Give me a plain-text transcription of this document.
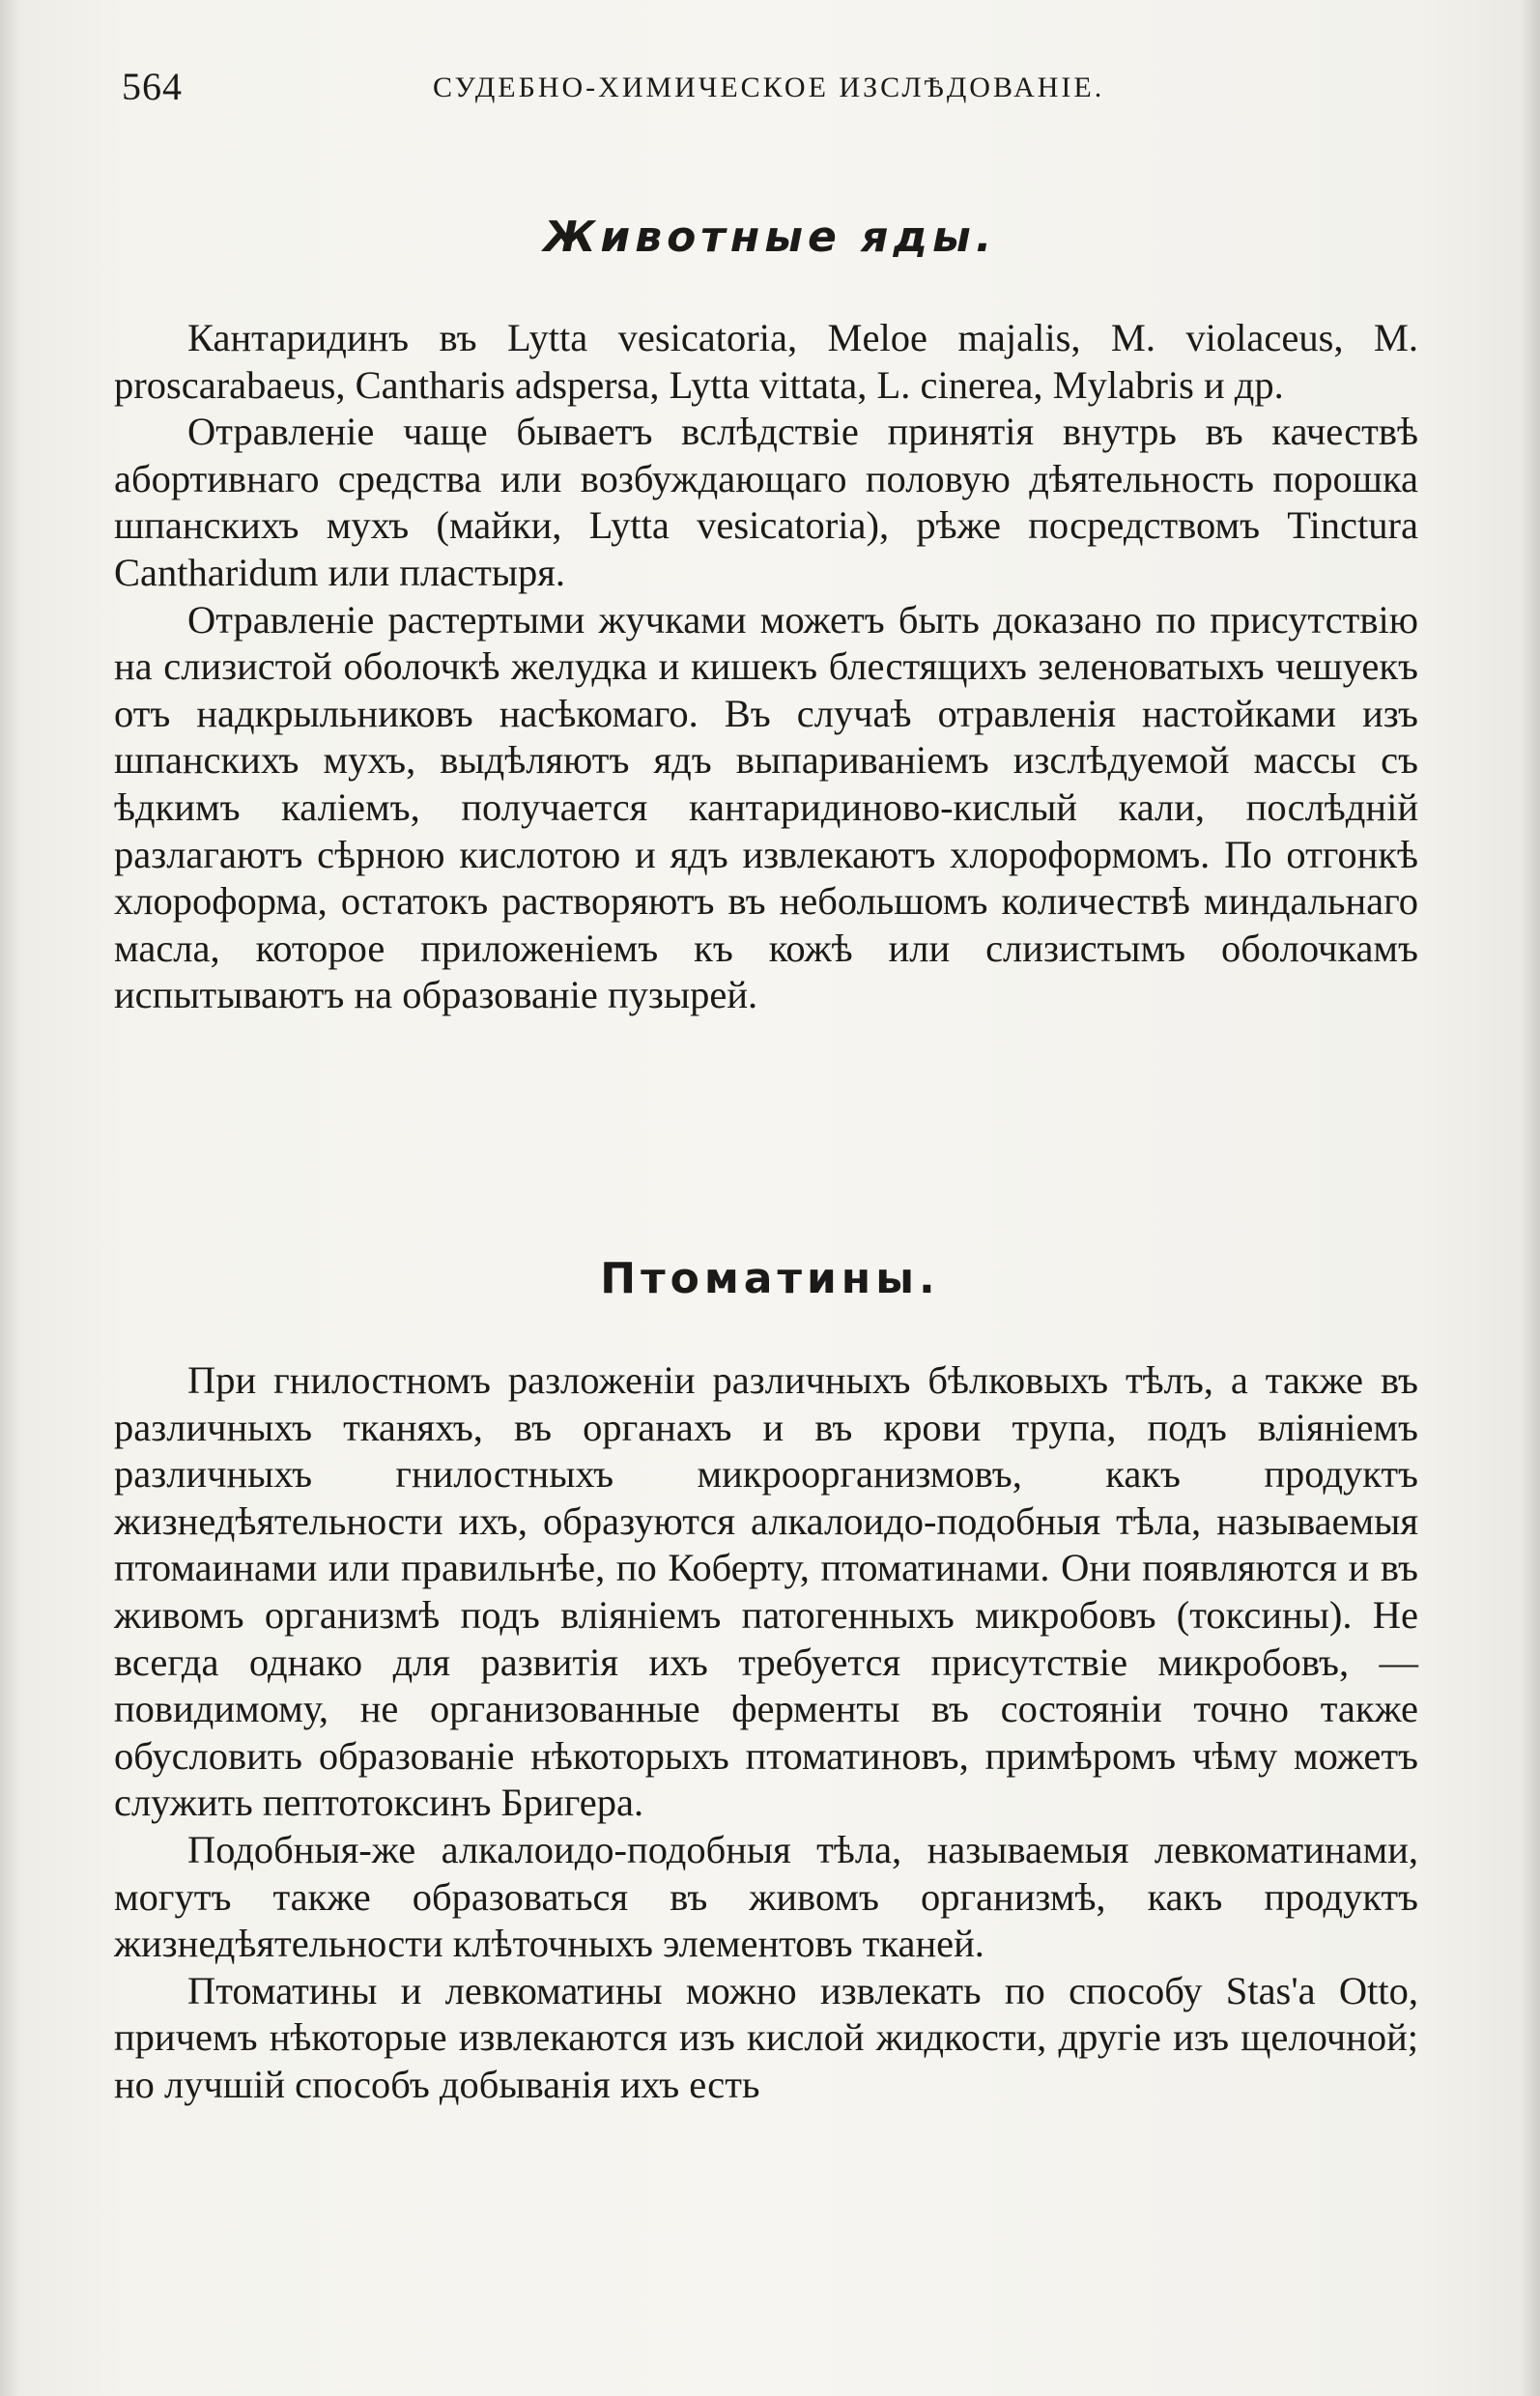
564	СУДЕБНО-ХИМИЧЕСКОЕ ИЗСЛѢДОВАНІЕ.
Животные яды.

Кантаридинъ въ Lytta vesicatoria, Meloe majalis, M. violaceus, M. proscarabaeus, Cantharis adspersa, Lytta vittata, L. cinerea, Mylabris и др.

Отравленіе чаще бываетъ вслѣдствіе принятія внутрь въ качествѣ абортивнаго средства или возбуждающаго половую дѣятельность порошка шпанскихъ мухъ (майки, Lytta vesicatoria), рѣже посредствомъ Tinctura Cantharidum или пластыря.

Отравленіе растертыми жучками можетъ быть доказано по присутствію на слизистой оболочкѣ желудка и кишекъ блестящихъ зеленоватыхъ чешуекъ отъ надкрыльниковъ насѣкомаго. Въ случаѣ отравленія настойками изъ шпанскихъ мухъ, выдѣляютъ ядъ выпариваніемъ изслѣдуемой массы съ ѣдкимъ каліемъ, получается кантаридиново-кислый кали, послѣдній разлагаютъ сѣрною кислотою и ядъ извлекаютъ хлороформомъ. По отгонкѣ хлороформа, остатокъ растворяютъ въ небольшомъ количествѣ миндальнаго масла, которое приложеніемъ къ кожѣ или слизистымъ оболочкамъ испытываютъ на образованіе пузырей.

Птоматины.

При гнилостномъ разложеніи различныхъ бѣлковыхъ тѣлъ, а также въ различныхъ тканяхъ, въ органахъ и въ крови трупа, подъ вліяніемъ различныхъ гнилостныхъ микроорганизмовъ, какъ продуктъ жизнедѣятельности ихъ, образуются алкалоидо-подобныя тѣла, называемыя птомаинами или правильнѣе, по Коберту, птоматинами. Они появляются и въ живомъ организмѣ подъ вліяніемъ патогенныхъ микробовъ (токсины). Не всегда однако для развитія ихъ требуется присутствіе микробовъ, — повидимому, не организованные ферменты въ состояніи точно также обусловить образованіе нѣкоторыхъ птоматиновъ, примѣромъ чѣму можетъ служить пептотоксинъ Бригера.

Подобныя-же алкалоидо-подобныя тѣла, называемыя левкоматинами, могутъ также образоваться въ живомъ организмѣ, какъ продуктъ жизнедѣятельности клѣточныхъ элементовъ тканей.

Птоматины и левкоматины можно извлекать по способу Stas'a Otto, причемъ нѣкоторые извлекаются изъ кислой жидкости, другіе изъ щелочной; но лучшій способъ добыванія ихъ есть
